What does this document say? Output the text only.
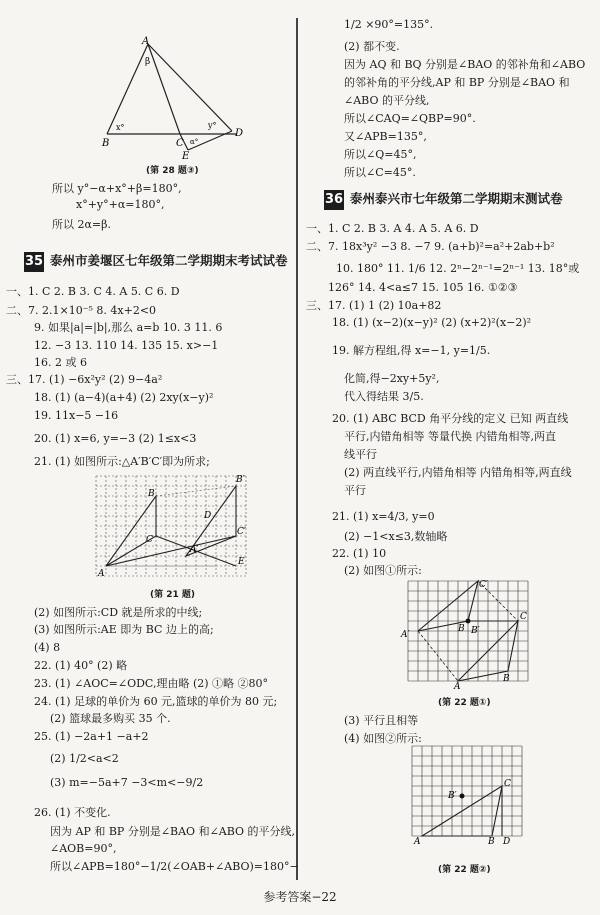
A
β
B	C
E
D
x°	y°
α°
(第 28 题③)
所以 y°−α+x°+β=180°,
x°+y°+α=180°,
所以 2α=β.
35 泰州市姜堰区七年级第二学期期末考试试卷
一、1. C 2. B 3. C 4. A 5. C 6. D
二、7. 2.1×10⁻⁵ 8. 4x+2<0
9. 如果|a|=|b|,那么 a=b 10. 3 11. 6
12. −3 13. 110 14. 135 15. x>−1
16. 2 或 6
三、17. (1) −6x²y² (2) 9−4a²
18. (1) (a−4)(a+4) (2) 2xy(x−y)²
19. 11x−5 −16
20. (1) x=6, y=−3 (2) 1≤x<3
21. (1) 如图所示:△A′B′C′即为所求;
A
B
C
B′
D
C′
A′
E
(第 21 题)
(2) 如图所示:CD 就是所求的中线;
(3) 如图所示:AE 即为 BC 边上的高;
(4) 8
22. (1) 40° (2) 略
23. (1) ∠AOC=∠ODC,理由略 (2) ①略 ②80°
24. (1) 足球的单价为 60 元,篮球的单价为 80 元;
(2) 篮球最多购买 35 个.
25. (1) −2a+1 −a+2
(2) 1/2<a<2
(3) m=−5a+7 −3<m<−9/2
26. (1) 不变化.
因为 AP 和 BP 分别是∠BAO 和∠ABO 的平分线,
∠AOB=90°,
所以∠APB=180°−1/2(∠OAB+∠ABO)=180°−
1/2 ×90°=135°.
(2) 都不变.
因为 AQ 和 BQ 分别是∠BAO 的邻补角和∠ABO
的邻补角的平分线,AP 和 BP 分别是∠BAO 和
∠ABO 的平分线,
所以∠CAQ=∠QBP=90°.
又∠APB=135°,
所以∠Q=45°,
所以∠C=45°.
36 泰州泰兴市七年级第二学期期末测试卷
一、1. C 2. B 3. A 4. A 5. A 6. D
二、7. 18x³y² −3 8. −7 9. (a+b)²=a²+2ab+b²
10. 180° 11. 1/6 12. 2ⁿ−2ⁿ⁻¹=2ⁿ⁻¹ 13. 18°或
126° 14. 4<a≤7 15. 105 16. ①②③
三、17. (1) 1 (2) 10a+82
18. (1) (x−2)(x−y)² (2) (x+2)²(x−2)²
19. 解方程组,得 x=−1, y=1/5.
化简,得−2xy+5y²,
代入得结果 3/5.
20. (1) ABC BCD 角平分线的定义 已知 两直线
平行,内错角相等 等量代换 内错角相等,两直
线平行
(2) 两直线平行,内错角相等 内错角相等,两直线
平行
21. (1) x=4/3, y=0
(2) −1<x≤3,数轴略
22. (1) 10
(2) 如图①所示:
A′
C′
B B′
C
A
B
(第 22 题①)
(3) 平行且相等
(4) 如图②所示:
B′
C
A	B D
(第 22 题②)
参考答案−22
